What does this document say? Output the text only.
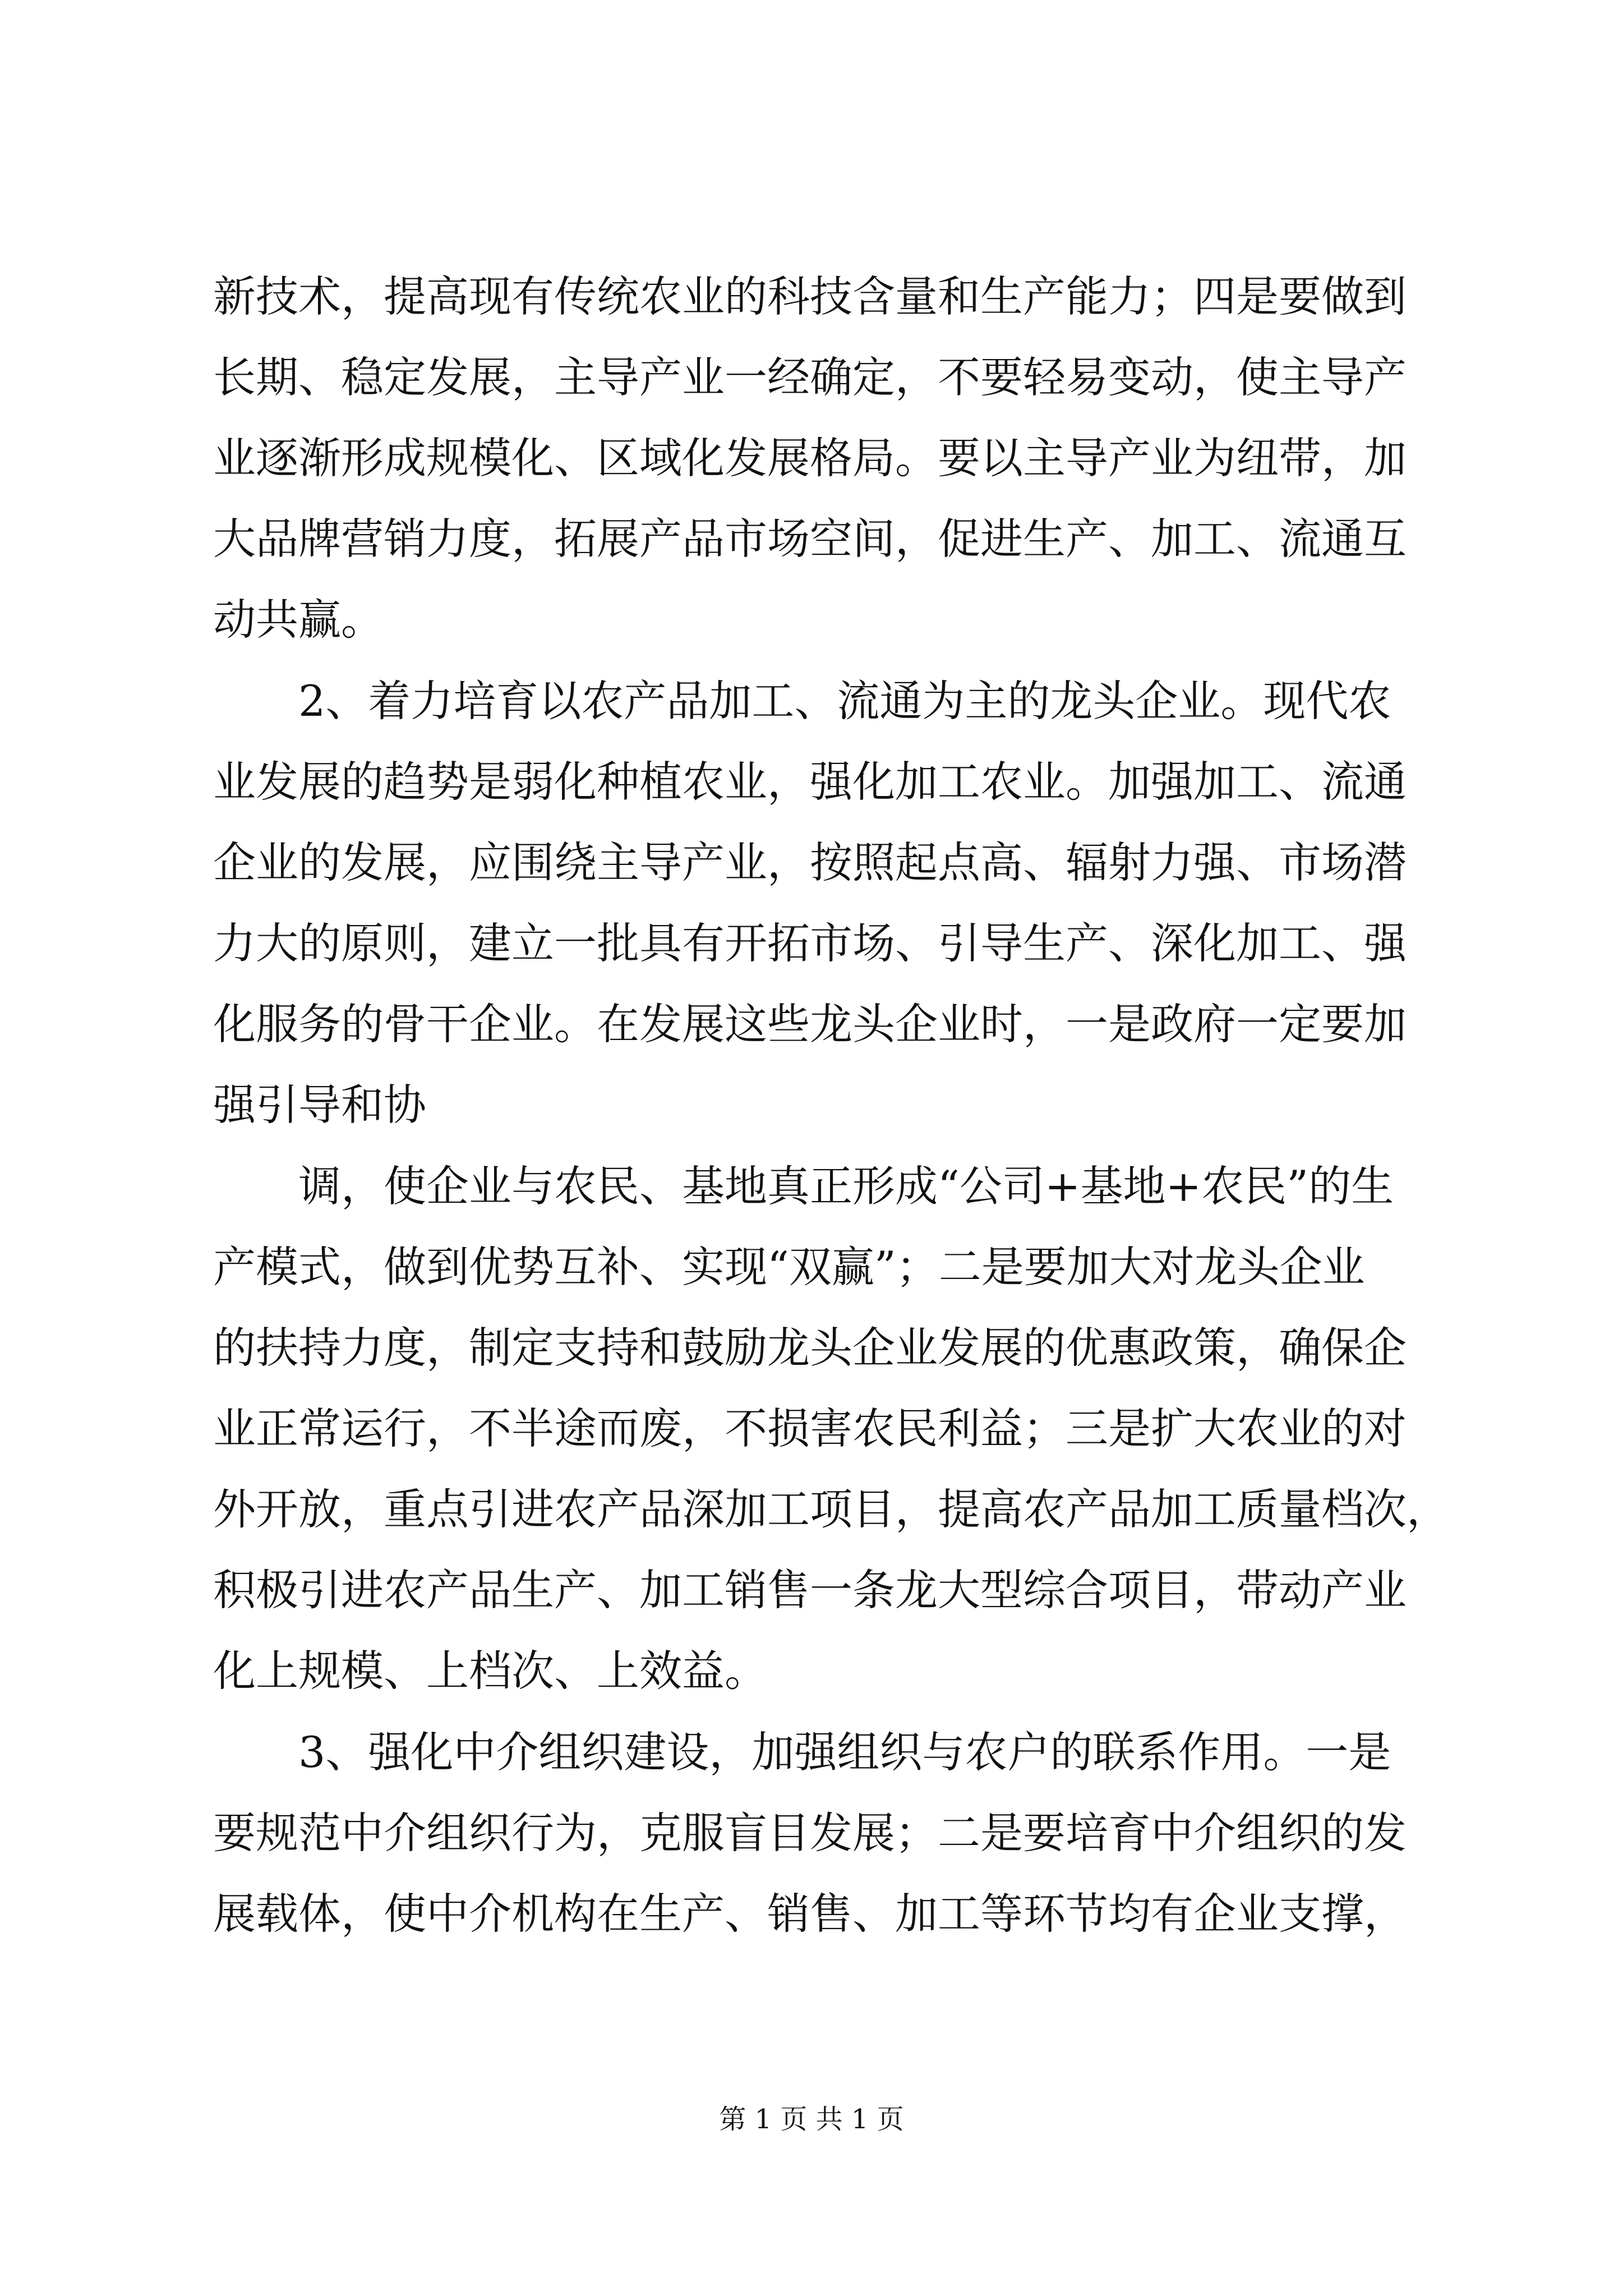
新技术，提高现有传统农业的科技含量和生产能力；四是要做到
长期、稳定发展，主导产业一经确定，不要轻易变动，使主导产
业逐渐形成规模化、区域化发展格局。要以主导产业为纽带，加
大品牌营销力度，拓展产品市场空间，促进生产、加工、流通互
动共赢。
2、着力培育以农产品加工、流通为主的龙头企业。现代农
业发展的趋势是弱化种植农业，强化加工农业。加强加工、流通
企业的发展，应围绕主导产业，按照起点高、辐射力强、市场潜
力大的原则，建立一批具有开拓市场、引导生产、深化加工、强
化服务的骨干企业。在发展这些龙头企业时，一是政府一定要加
强引导和协
调，使企业与农民、基地真正形成“公司+基地+农民”的生
产模式，做到优势互补、实现“双赢”；二是要加大对龙头企业
的扶持力度，制定支持和鼓励龙头企业发展的优惠政策，确保企
业正常运行，不半途而废，不损害农民利益；三是扩大农业的对
外开放，重点引进农产品深加工项目，提高农产品加工质量档次，
积极引进农产品生产、加工销售一条龙大型综合项目，带动产业
化上规模、上档次、上效益。
3、强化中介组织建设，加强组织与农户的联系作用。一是
要规范中介组织行为，克服盲目发展；二是要培育中介组织的发
展载体，使中介机构在生产、销售、加工等环节均有企业支撑，
第 1 页 共 1 页
